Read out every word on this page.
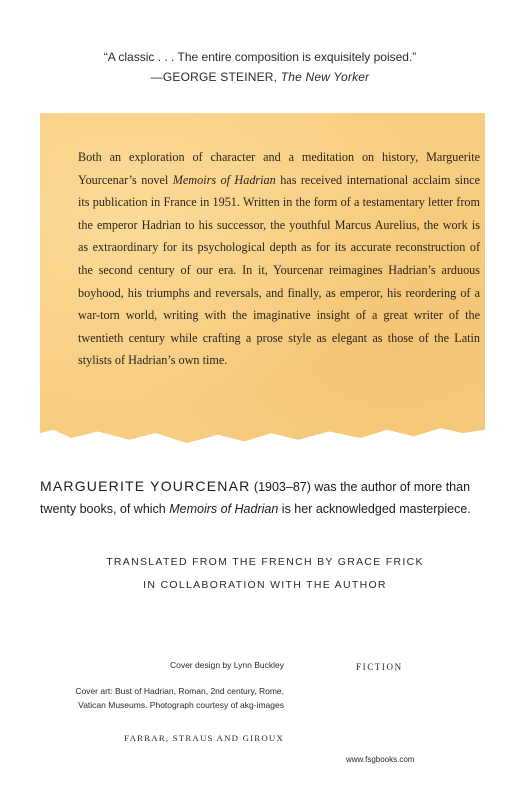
“A classic . . . The entire composition is exquisitely poised.”
—GEORGE STEINER, The New Yorker

Both an exploration of character and a meditation on history, Marguerite Yourcenar’s novel Memoirs of Hadrian has received international acclaim since its publication in France in 1951. Written in the form of a testamentary letter from the emperor Hadrian to his successor, the youthful Marcus Aurelius, the work is as extraordinary for its psychological depth as for its accurate reconstruction of the second century of our era. In it, Yourcenar reimagines Hadrian’s arduous boyhood, his triumphs and reversals, and finally, as emperor, his reordering of a war-torn world, writing with the imaginative insight of a great writer of the twentieth century while crafting a prose style as elegant as those of the Latin stylists of Hadrian’s own time.

MARGUERITE YOURCENAR (1903–87) was the author of more than twenty books, of which Memoirs of Hadrian is her acknowledged masterpiece.

TRANSLATED FROM THE FRENCH BY GRACE FRICK
IN COLLABORATION WITH THE AUTHOR
Cover design by Lynn Buckley
Cover art: Bust of Hadrian, Roman, 2nd century, Rome,
Vatican Museums. Photograph courtesy of akg-images
FICTION
FARRAR, STRAUS AND GIROUX
www.fsgbooks.com
